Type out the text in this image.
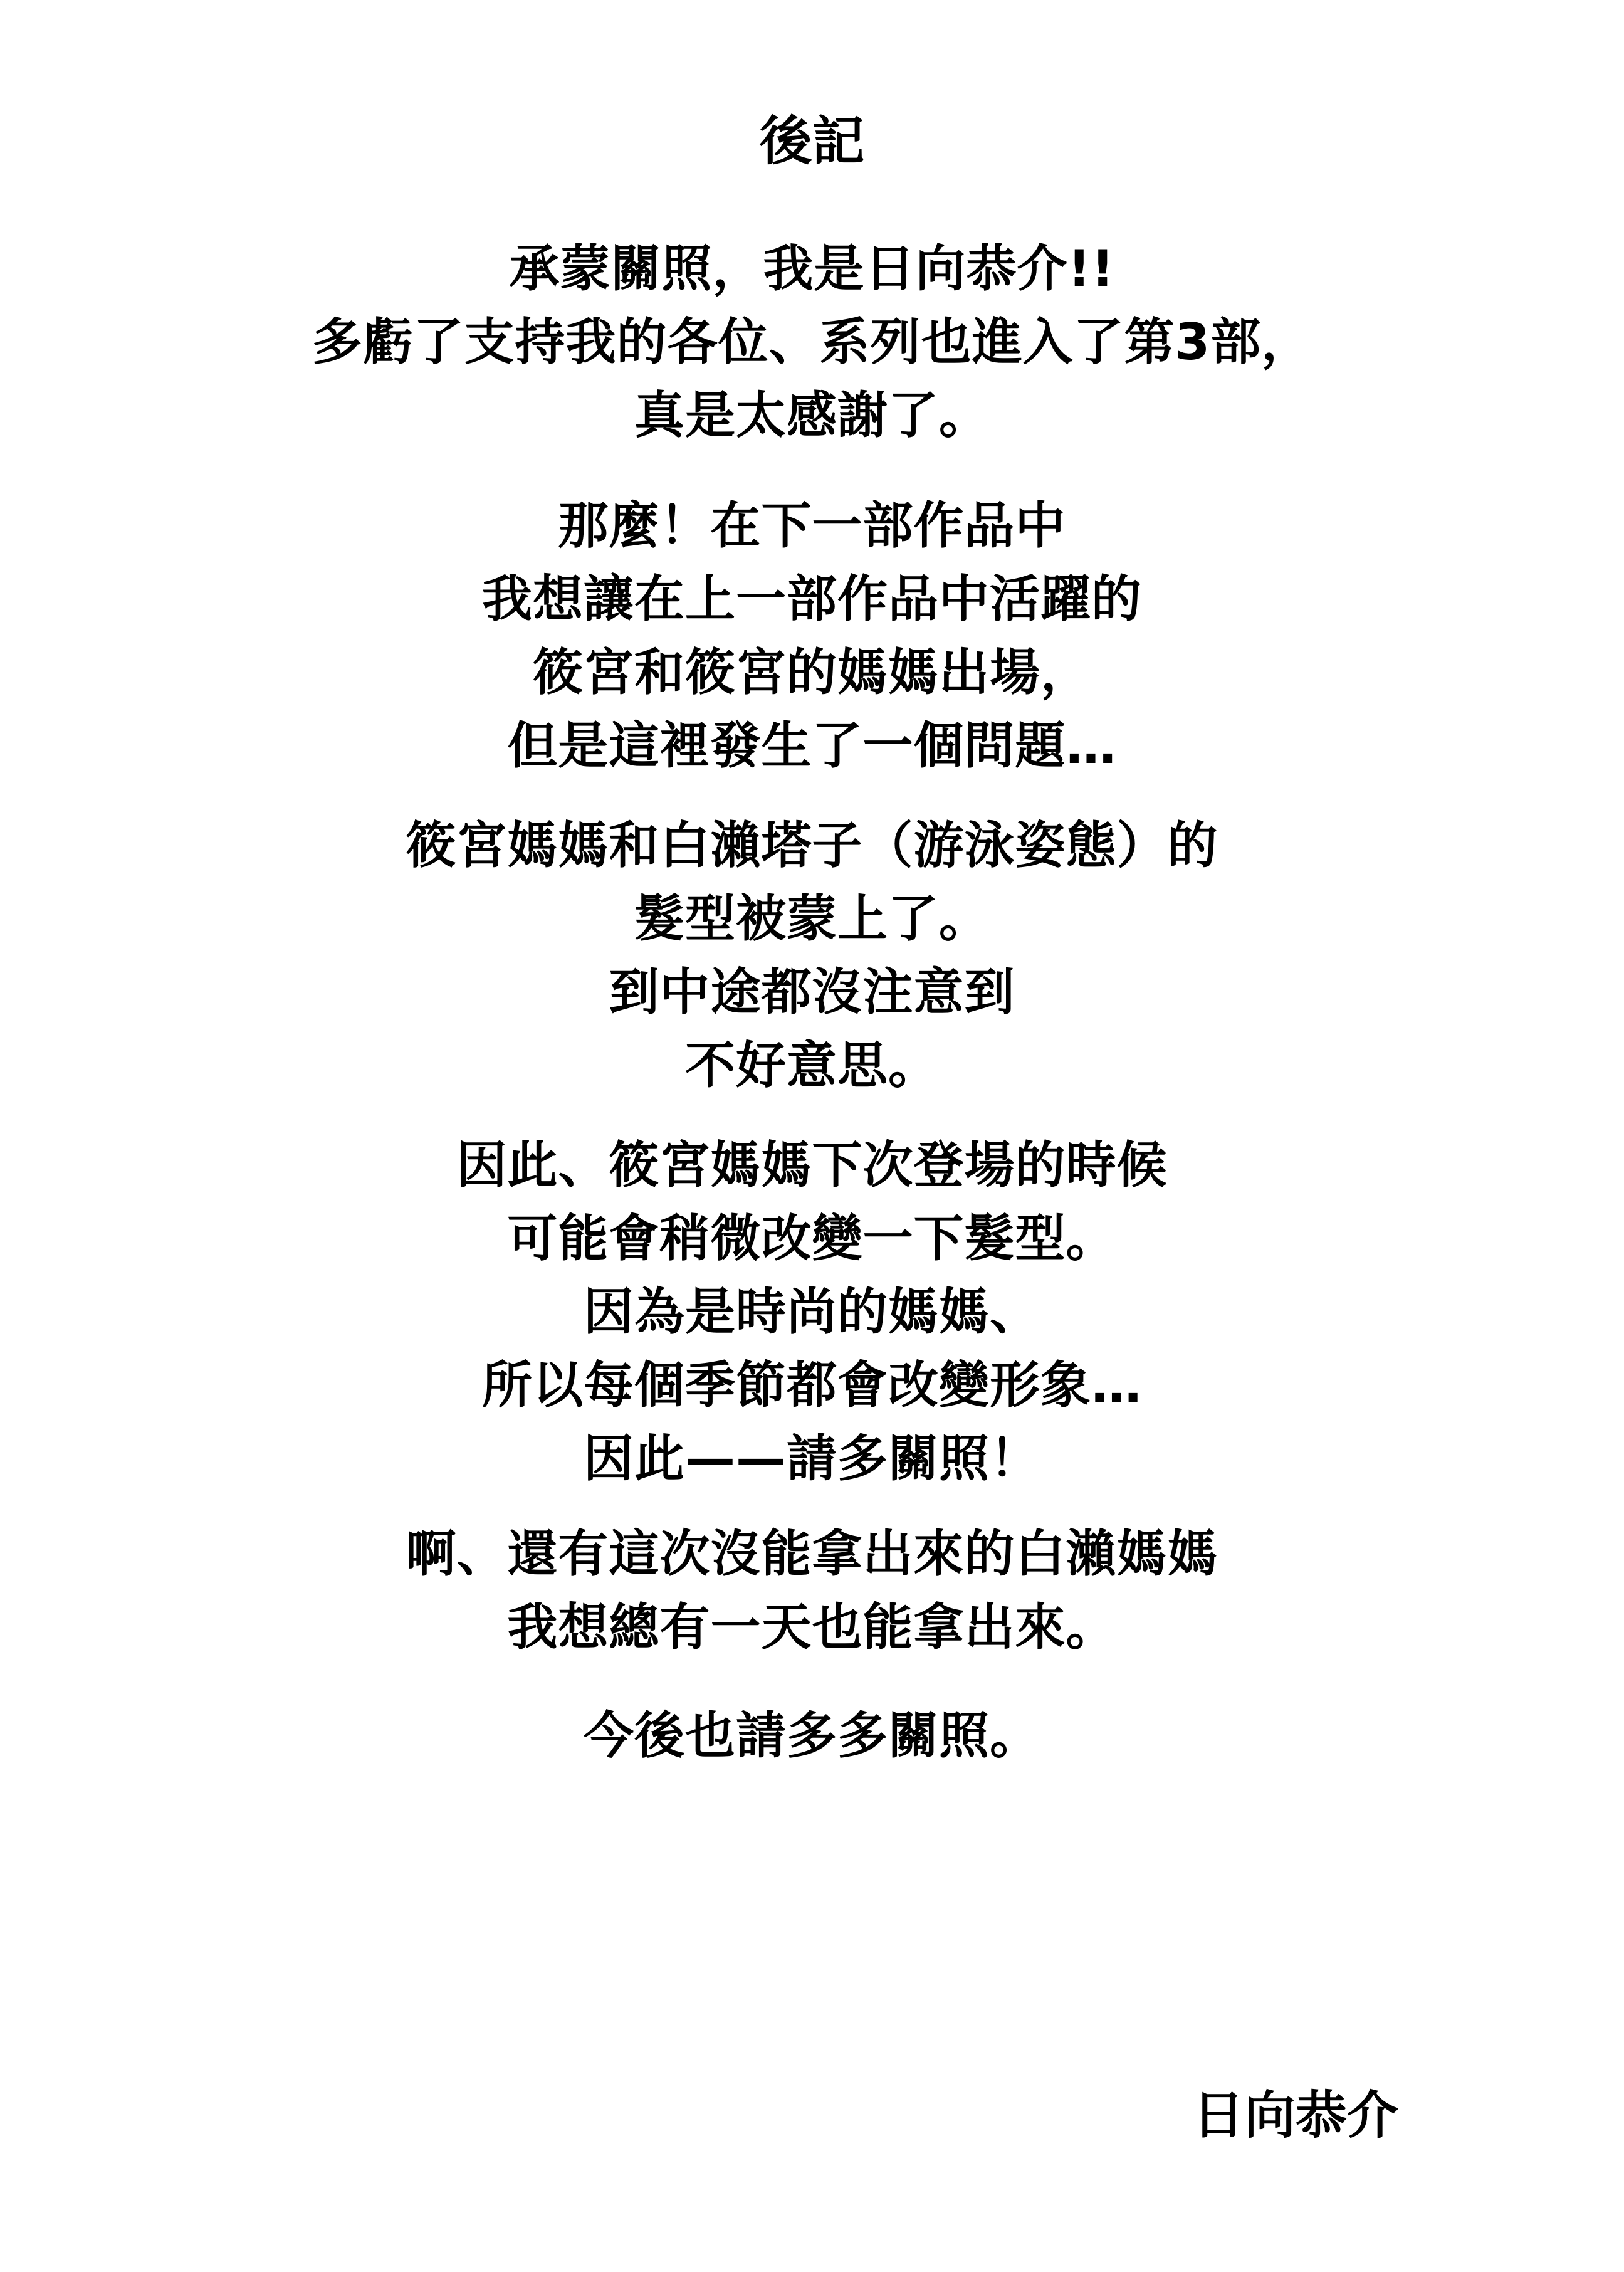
後記
承蒙關照，我是日向恭介!!
多虧了支持我的各位、系列也進入了第3部，
真是太感謝了。
那麼！在下一部作品中
我想讓在上一部作品中活躍的
筱宮和筱宮的媽媽出場，
但是這裡發生了一個問題…
筱宮媽媽和白瀨塔子（游泳姿態）的
髮型被蒙上了。
到中途都沒注意到
不好意思。
因此、筱宮媽媽下次登場的時候
可能會稍微改變一下髮型。
因為是時尚的媽媽、
所以每個季節都會改變形象…
因此——請多關照！
啊、還有這次沒能拿出來的白瀨媽媽
我想總有一天也能拿出來。
今後也請多多關照。
日向恭介
